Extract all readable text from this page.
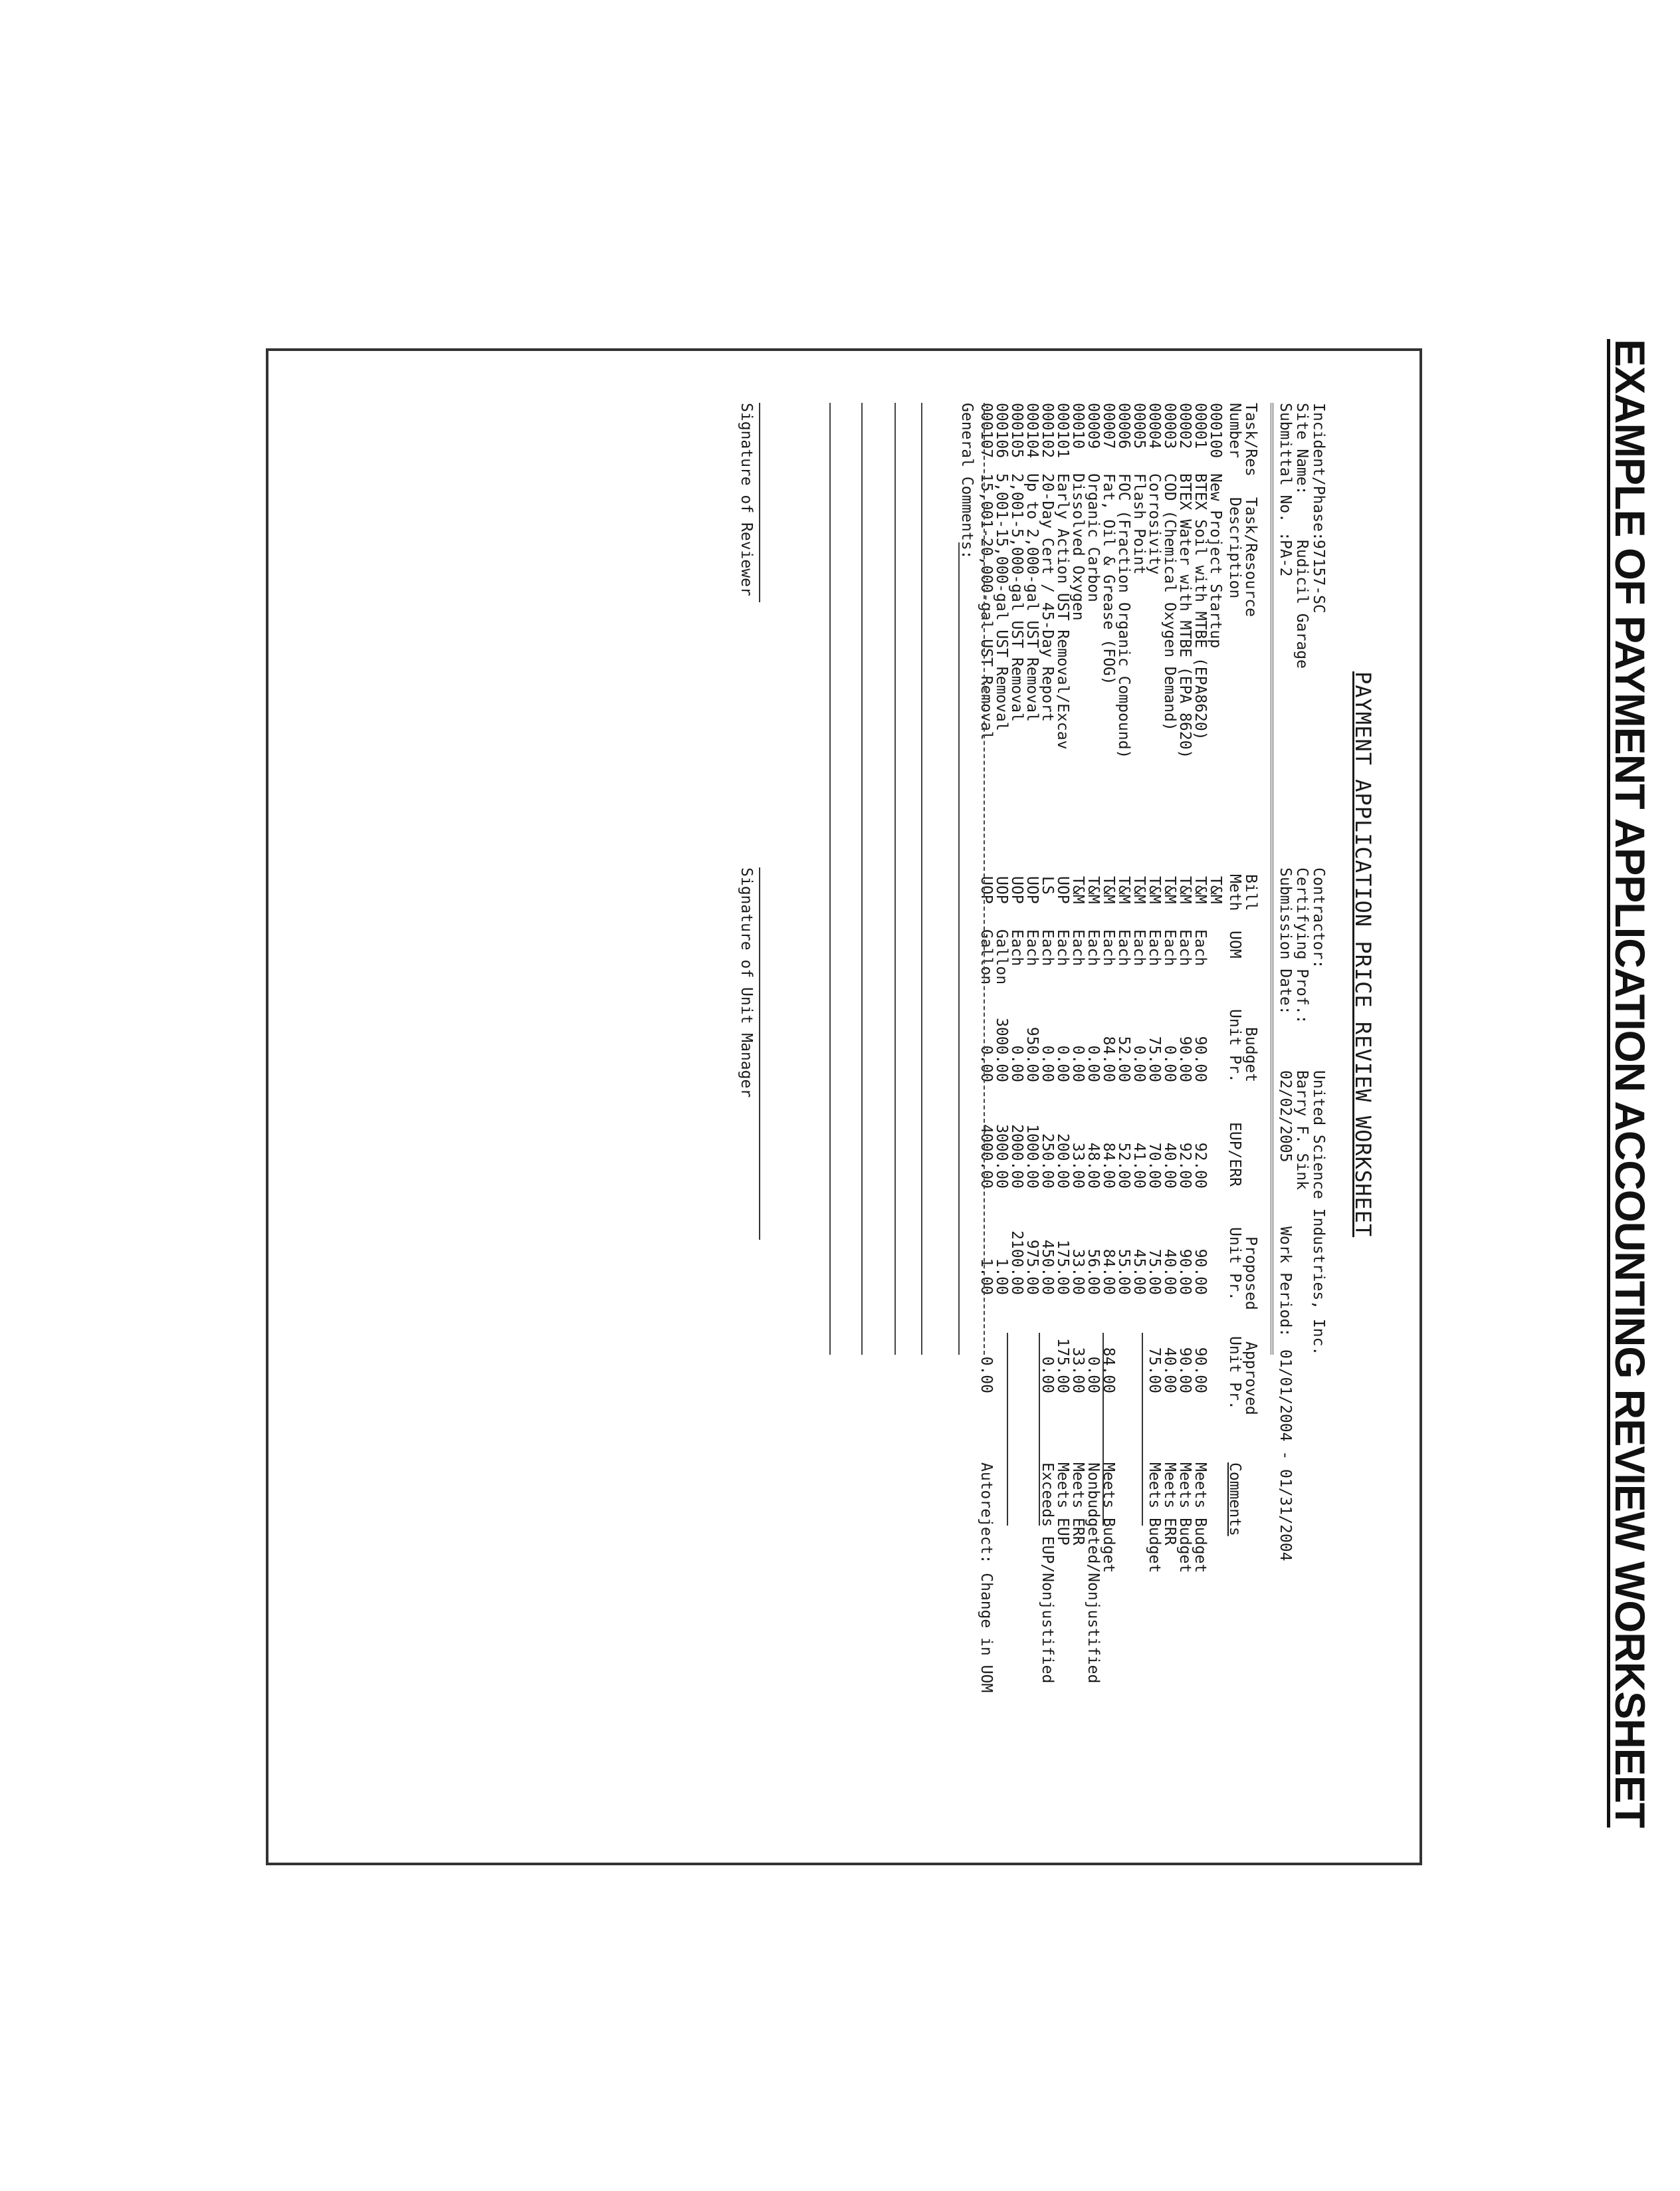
EXAMPLE OF PAYMENT APPLICATION ACCOUNTING REVIEW WORKSHEET
PAYMENT APPLICATION PRICE REVIEW WORKSHEET
Incident/Phase:
97157-SC
Site Name:
Rudicil Garage
Submittal No. :
PA-2
Contractor:
United Science Industries, Inc.
Certifying Prof.:
Barry F. Sink
Submission Date:
02/02/2005
Work Period:
01/01/2004 - 01/31/2004
Task/Res
Number
Task/Resource
Description
Bill
Meth
UOM
Budget
Unit Pr.
EUP/ERR
Proposed
Unit Pr.
Approved
Unit Pr.
Comments
000100
New Project Startup
T&M
00001
BTEX Soil with MTBE (EPA8620)
T&M
Each
90.00
92.00
90.00
90.00
Meets Budget
00002
BTEX Water with MTBE (EPA 8620)
T&M
Each
90.00
92.00
90.00
90.00
Meets Budget
00003
COD (Chemical Oxygen Demand)
T&M
Each
0.00
40.00
40.00
40.00
Meets ERR
00004
Corrosivity
T&M
Each
75.00
70.00
75.00
75.00
Meets Budget
00005
Flash Point
T&M
Each
0.00
41.00
45.00
00006
FOC (Fraction Organic Compound)
T&M
Each
52.00
52.00
55.00
00007
Fat, Oil & Grease (FOG)
T&M
Each
84.00
84.00
84.00
84.00
Meets Budget
00009
Organic Carbon
T&M
Each
0.00
48.00
56.00
0.00
Nonbudgeted/Nonjustified
00010
Dissolved Oxygen
T&M
Each
0.00
33.00
33.00
33.00
Meets ERR
000101
Early Action UST Removal/Excav
UOP
Each
0.00
200.00
175.00
175.00
Meets EUP
000102
20-Day Cert / 45-Day Report
LS
Each
0.00
250.00
450.00
0.00
Exceeds EUP/Nonjustified
000104
Up to 2,000-gal UST Removal
UOP
Each
950.00
1000.00
975.00
000105
2,001-5,000-gal UST Removal
UOP
Each
0.00
2000.00
2100.00
000106
5,001-15,000-gal UST Removal
UOP
Gallon
3000.00
3000.00
1.00
000107
15,001-20,000-gal UST Removal
UOP
Gallon
0.00
4000.00
1.00
0.00
Autoreject: Change in UOM
General Comments:
Signature of Reviewer
Signature of Unit Manager
